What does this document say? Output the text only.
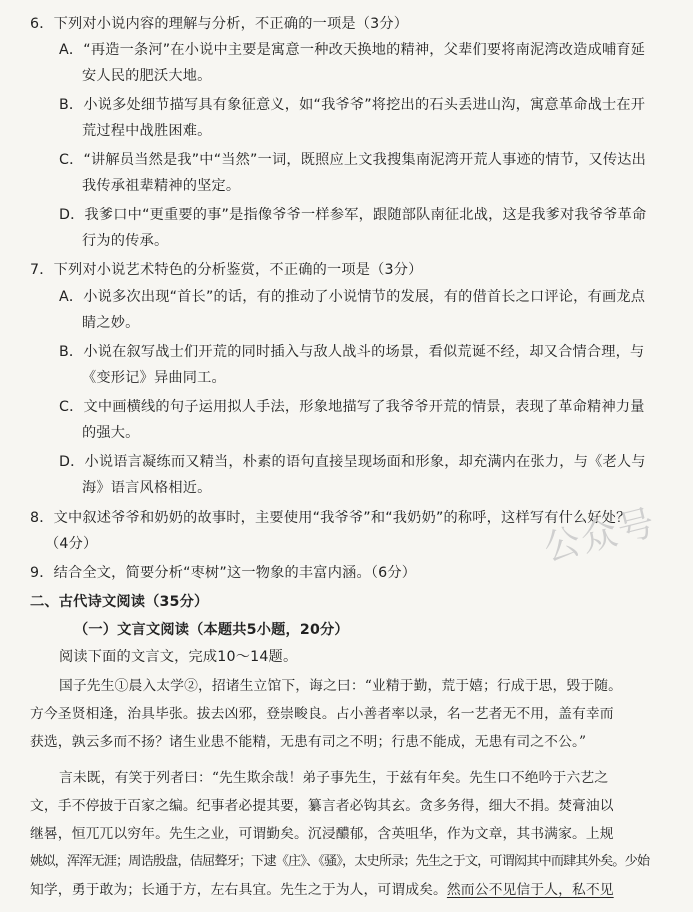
6．下列对小说内容的理解与分析，不正确的一项是（3分）
A．“再造一条河”在小说中主要是寓意一种改天换地的精神，父辈们要将南泥湾改造成哺育延
安人民的肥沃大地。
B．小说多处细节描写具有象征意义，如“我爷爷”将挖出的石头丢进山沟，寓意革命战士在开
荒过程中战胜困难。
C．“讲解员当然是我”中“当然”一词，既照应上文我搜集南泥湾开荒人事迹的情节，又传达出
我传承祖辈精神的坚定。
D．我爹口中“更重要的事”是指像爷爷一样参军，跟随部队南征北战，这是我爹对我爷爷革命
行为的传承。
7．下列对小说艺术特色的分析鉴赏，不正确的一项是（3分）
A．小说多次出现“首长”的话，有的推动了小说情节的发展，有的借首长之口评论，有画龙点
睛之妙。
B．小说在叙写战士们开荒的同时插入与敌人战斗的场景，看似荒诞不经，却又合情合理，与
《变形记》异曲同工。
C．文中画横线的句子运用拟人手法，形象地描写了我爷爷开荒的情景，表现了革命精神力量
的强大。
D．小说语言凝练而又精当，朴素的语句直接呈现场面和形象，却充满内在张力，与《老人与
海》语言风格相近。
8．文中叙述爷爷和奶奶的故事时，主要使用“我爷爷”和“我奶奶”的称呼，这样写有什么好处？
（4分）
9．结合全文，简要分析“枣树”这一物象的丰富内涵。（6分）
二、古代诗文阅读（35分）
（一）文言文阅读（本题共5小题，20分）
阅读下面的文言文，完成10～14题。
国子先生①晨入太学②，招诸生立馆下，诲之曰：“业精于勤，荒于嬉；行成于思，毁于随。
方今圣贤相逢，治具毕张。拔去凶邪，登崇畯良。占小善者率以录，名一艺者无不用，盖有幸而
获选，孰云多而不扬？诸生业患不能精，无患有司之不明；行患不能成，无患有司之不公。”
言未既，有笑于列者曰：“先生欺余哉！弟子事先生，于兹有年矣。先生口不绝吟于六艺之
文，手不停披于百家之编。纪事者必提其要，纂言者必钩其玄。贪多务得，细大不捐。焚膏油以
继晷，恒兀兀以穷年。先生之业，可谓勤矣。沉浸醲郁，含英咀华，作为文章，其书满家。上规
姚姒，浑浑无涯；周诰殷盘，佶屈聱牙；下逮《庄》、《骚》，太史所录；先生之于文，可谓闳其中而肆其外矣。少始
知学，勇于敢为；长通于方，左右具宜。先生之于为人，可谓成矣。然而公不见信于人，私不见
公众号
